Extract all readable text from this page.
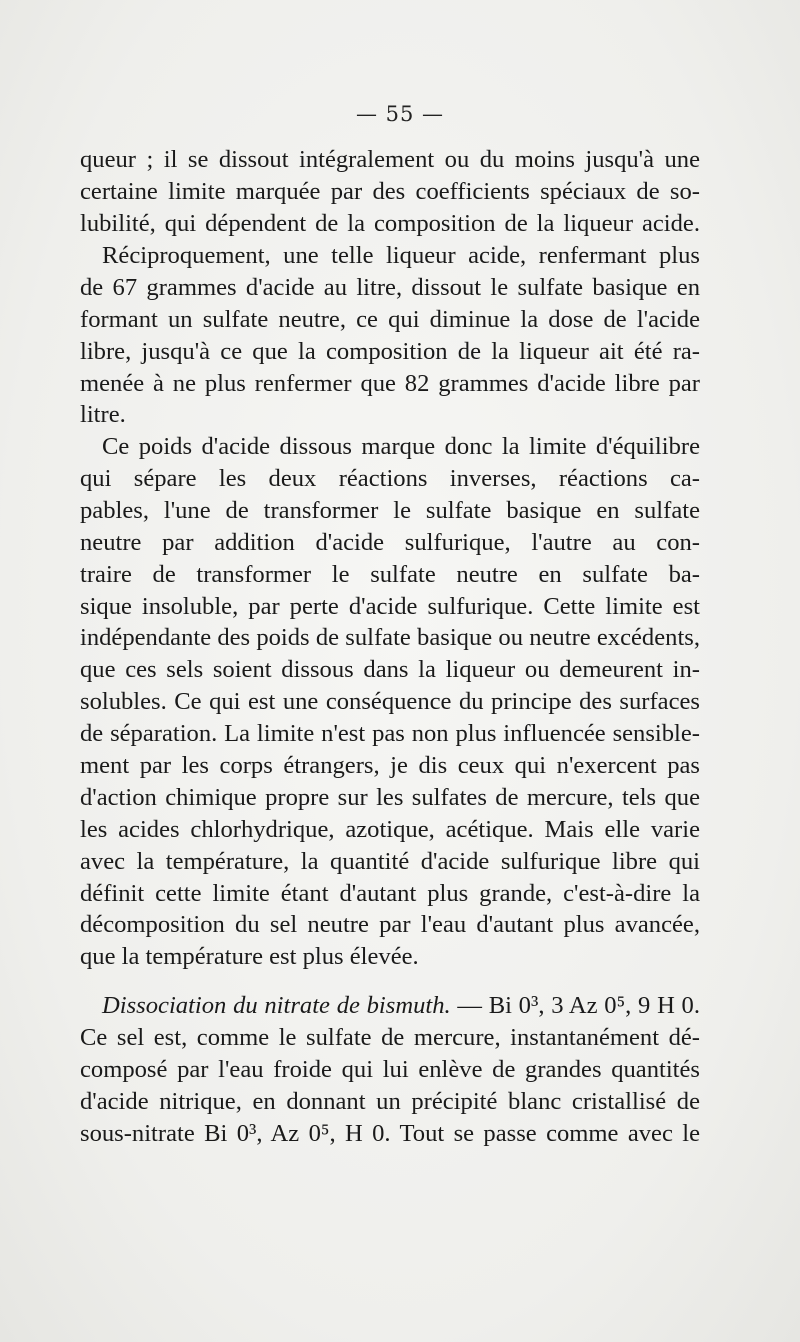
— 55 —
queur ; il se dissout intégralement ou du moins jusqu'à une
certaine limite marquée par des coefficients spéciaux de so-
lubilité, qui dépendent de la composition de la liqueur acide.
Réciproquement, une telle liqueur acide, renfermant plus
de 67 grammes d'acide au litre, dissout le sulfate basique en
formant un sulfate neutre, ce qui diminue la dose de l'acide
libre, jusqu'à ce que la composition de la liqueur ait été ra-
menée à ne plus renfermer que 82 grammes d'acide libre par
litre.
Ce poids d'acide dissous marque donc la limite d'équilibre
qui sépare les deux réactions inverses, réactions ca-
pables, l'une de transformer le sulfate basique en sulfate
neutre par addition d'acide sulfurique, l'autre au con-
traire de transformer le sulfate neutre en sulfate ba-
sique insoluble, par perte d'acide sulfurique. Cette limite est
indépendante des poids de sulfate basique ou neutre excédents,
que ces sels soient dissous dans la liqueur ou demeurent in-
solubles. Ce qui est une conséquence du principe des surfaces
de séparation. La limite n'est pas non plus influencée sensible-
ment par les corps étrangers, je dis ceux qui n'exercent pas
d'action chimique propre sur les sulfates de mercure, tels que
les acides chlorhydrique, azotique, acétique. Mais elle varie
avec la température, la quantité d'acide sulfurique libre qui
définit cette limite étant d'autant plus grande, c'est-à-dire la
décomposition du sel neutre par l'eau d'autant plus avancée,
que la température est plus élevée.
Dissociation du nitrate de bismuth. — Bi 0³, 3 Az 0⁵, 9 H 0.
Ce sel est, comme le sulfate de mercure, instantanément dé-
composé par l'eau froide qui lui enlève de grandes quantités
d'acide nitrique, en donnant un précipité blanc cristallisé de
sous-nitrate Bi 0³, Az 0⁵, H 0. Tout se passe comme avec le
